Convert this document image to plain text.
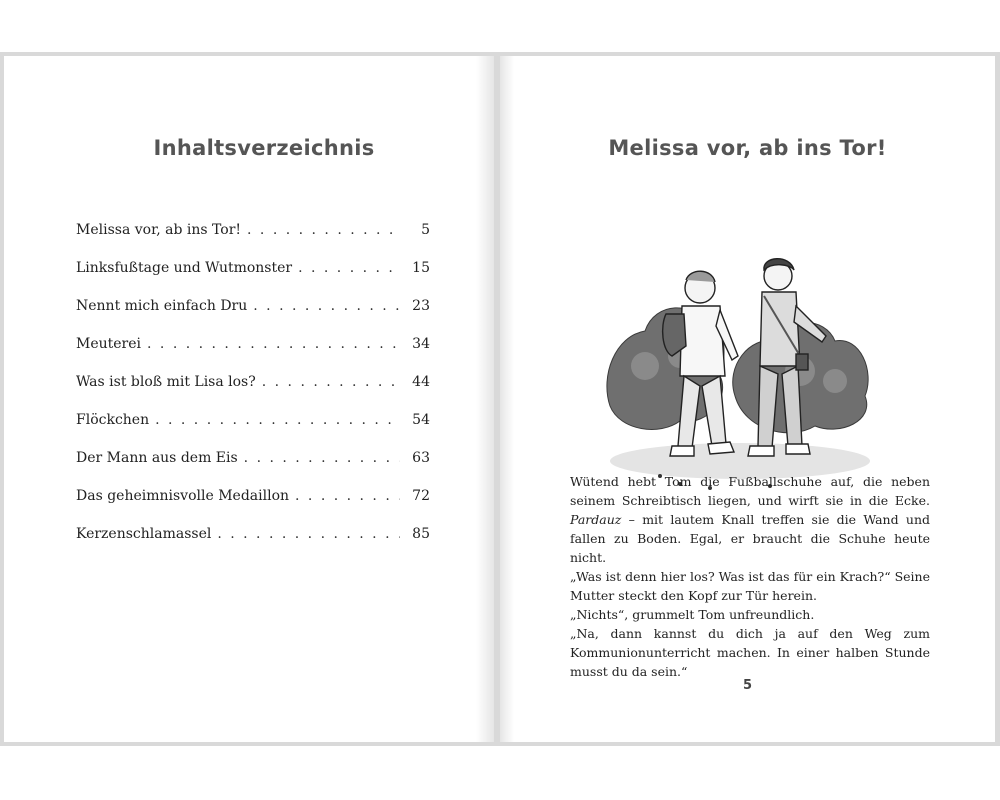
Inhaltsverzeichnis
Melissa vor, ab ins Tor! . . .	5
Linksfußtage und Wutmonster . . .	15
Nennt mich einfach Dru . . .	23
Meuterei . . .	34
Was ist bloß mit Lisa los? . . .	44
Flöckchen . . .	54
Der Mann aus dem Eis . . .	63
Das geheimnisvolle Medaillon . . .	72
Kerzenschlamassel . . .	85
Melissa vor, ab ins Tor!

Wütend hebt Tom die Fußballschuhe auf, die neben seinem Schreibtisch liegen, und wirft sie in die Ecke. Pardauz – mit lautem Knall treffen sie die Wand und fallen zu Boden. Egal, er braucht die Schuhe heute nicht.

„Was ist denn hier los? Was ist das für ein Krach?“ Seine Mutter steckt den Kopf zur Tür herein.

„Nichts“, grummelt Tom unfreundlich.

„Na, dann kannst du dich ja auf den Weg zum Kommunionunterricht machen. In einer halben Stunde musst du da sein.“

5
